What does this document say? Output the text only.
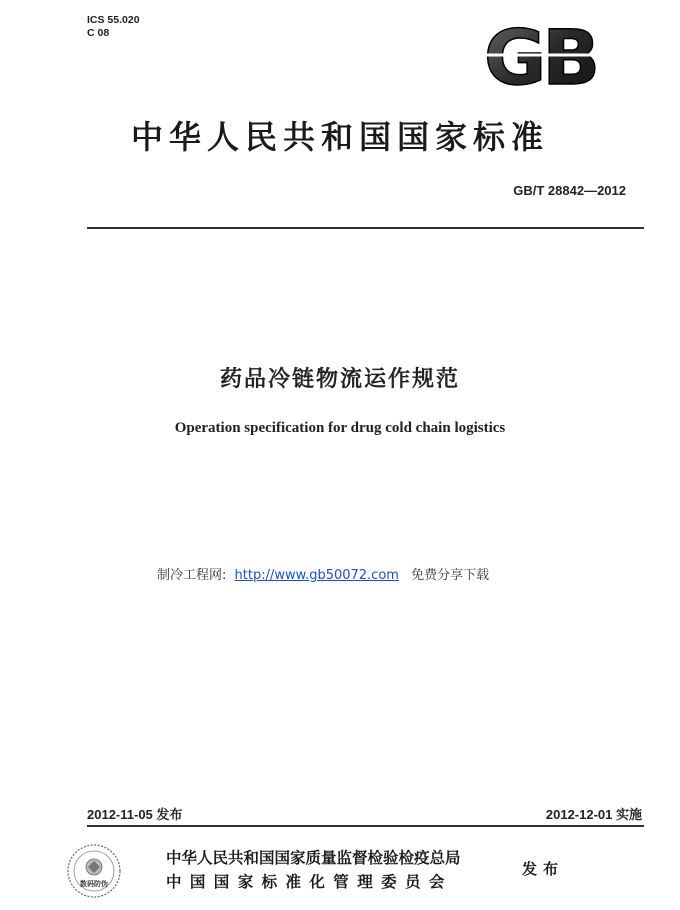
ICS 55.020
C 08	GB
中华人民共和国国家标准
GB/T 28842—2012
药品冷链物流运作规范
Operation specification for drug cold chain logistics
制冷工程网: http://www.gb50072.com 免费分享下载
2012-11-05 发布	2012-12-01 实施
数码防伪
中华人民共和国国家质量监督检验检疫总局
中国国家标准化管理委员会
发布
